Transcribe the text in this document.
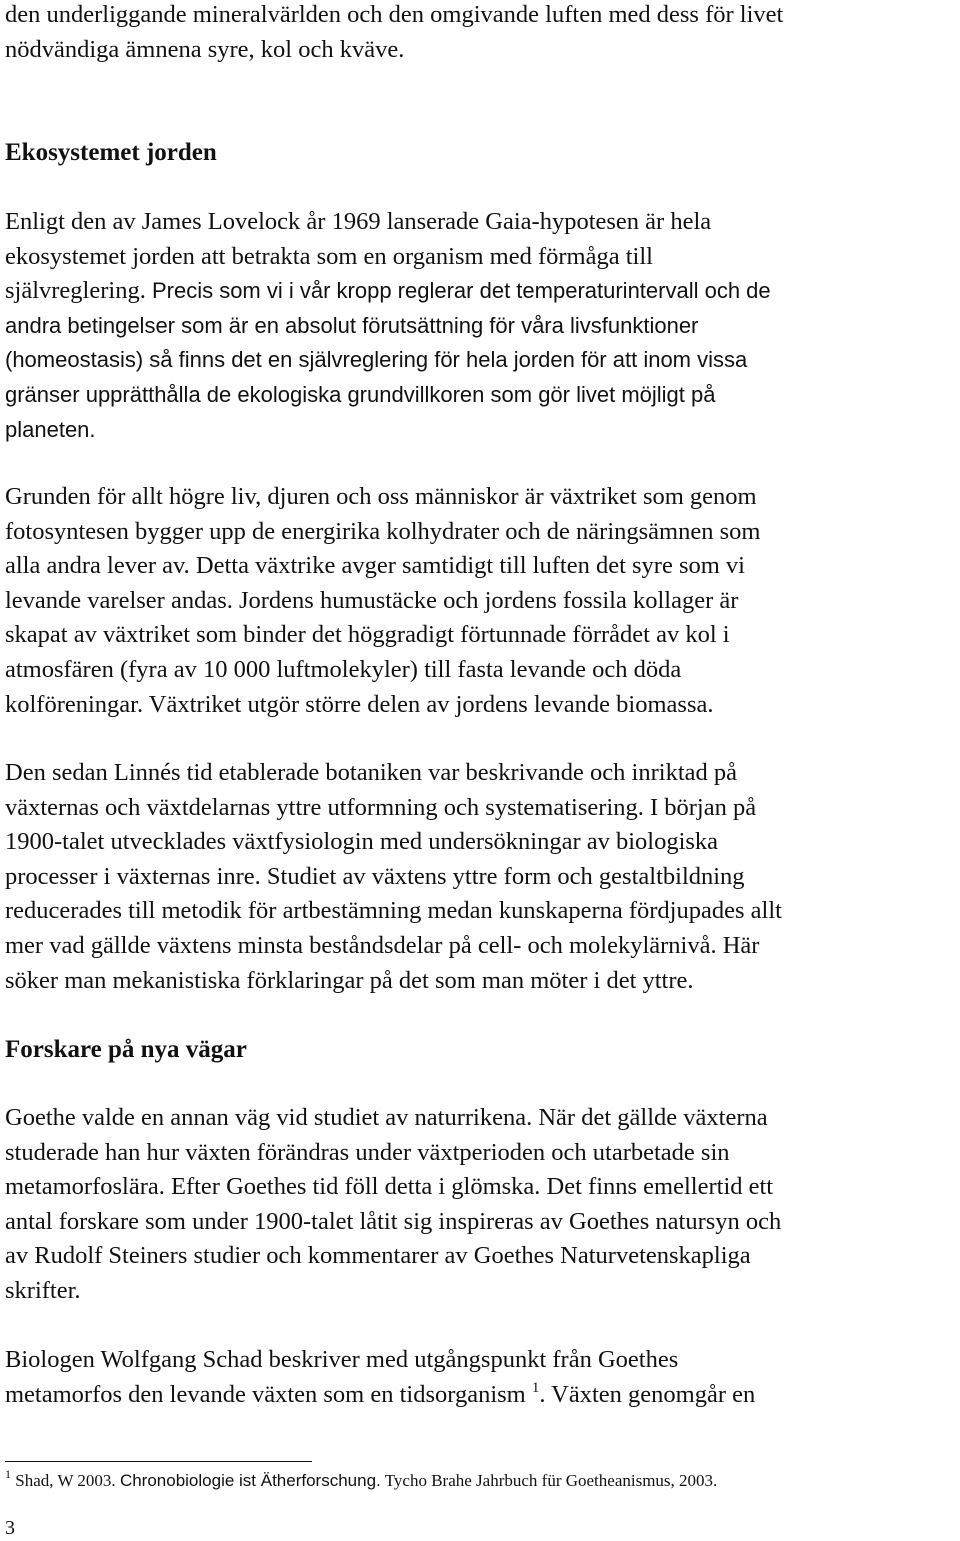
den underliggande mineralvärlden och den omgivande luften med dess för livet
nödvändiga ämnena syre, kol och kväve.

Ekosystemet jorden

Enligt den av James Lovelock år 1969 lanserade Gaia-hypotesen är hela
ekosystemet jorden att betrakta som en organism med förmåga till
självreglering. Precis som vi i vår kropp reglerar det temperaturintervall och de
andra betingelser som är en absolut förutsättning för våra livsfunktioner
(homeostasis) så finns det en självreglering för hela jorden för att inom vissa
gränser upprätthålla de ekologiska grundvillkoren som gör livet möjligt på
planeten.

Grunden för allt högre liv, djuren och oss människor är växtriket som genom
fotosyntesen bygger upp de energirika kolhydrater och de näringsämnen som
alla andra lever av. Detta växtrike avger samtidigt till luften det syre som vi
levande varelser andas. Jordens humustäcke och jordens fossila kollager är
skapat av växtriket som binder det höggradigt förtunnade förrådet av kol i
atmosfären (fyra av 10 000 luftmolekyler) till fasta levande och döda
kolföreningar. Växtriket utgör större delen av jordens levande biomassa.

Den sedan Linnés tid etablerade botaniken var beskrivande och inriktad på
växternas och växtdelarnas yttre utformning och systematisering. I början på
1900-talet utvecklades växtfysiologin med undersökningar av biologiska
processer i växternas inre. Studiet av växtens yttre form och gestaltbildning
reducerades till metodik för artbestämning medan kunskaperna fördjupades allt
mer vad gällde växtens minsta beståndsdelar på cell- och molekylärnivå. Här
söker man mekanistiska förklaringar på det som man möter i det yttre.

Forskare på nya vägar

Goethe valde en annan väg vid studiet av naturrikena. När det gällde växterna
studerade han hur växten förändras under växtperioden och utarbetade sin
metamorfoslära. Efter Goethes tid föll detta i glömska. Det finns emellertid ett
antal forskare som under 1900-talet låtit sig inspireras av Goethes natursyn och
av Rudolf Steiners studier och kommentarer av Goethes Naturvetenskapliga
skrifter.

Biologen Wolfgang Schad beskriver med utgångspunkt från Goethes
metamorfos den levande växten som en tidsorganism $^1$. Växten genomgår en

$^1$ Shad, W 2003. Chronobiologie ist Ätherforschung. Tycho Brahe Jahrbuch für Goetheanismus, 2003.
3
